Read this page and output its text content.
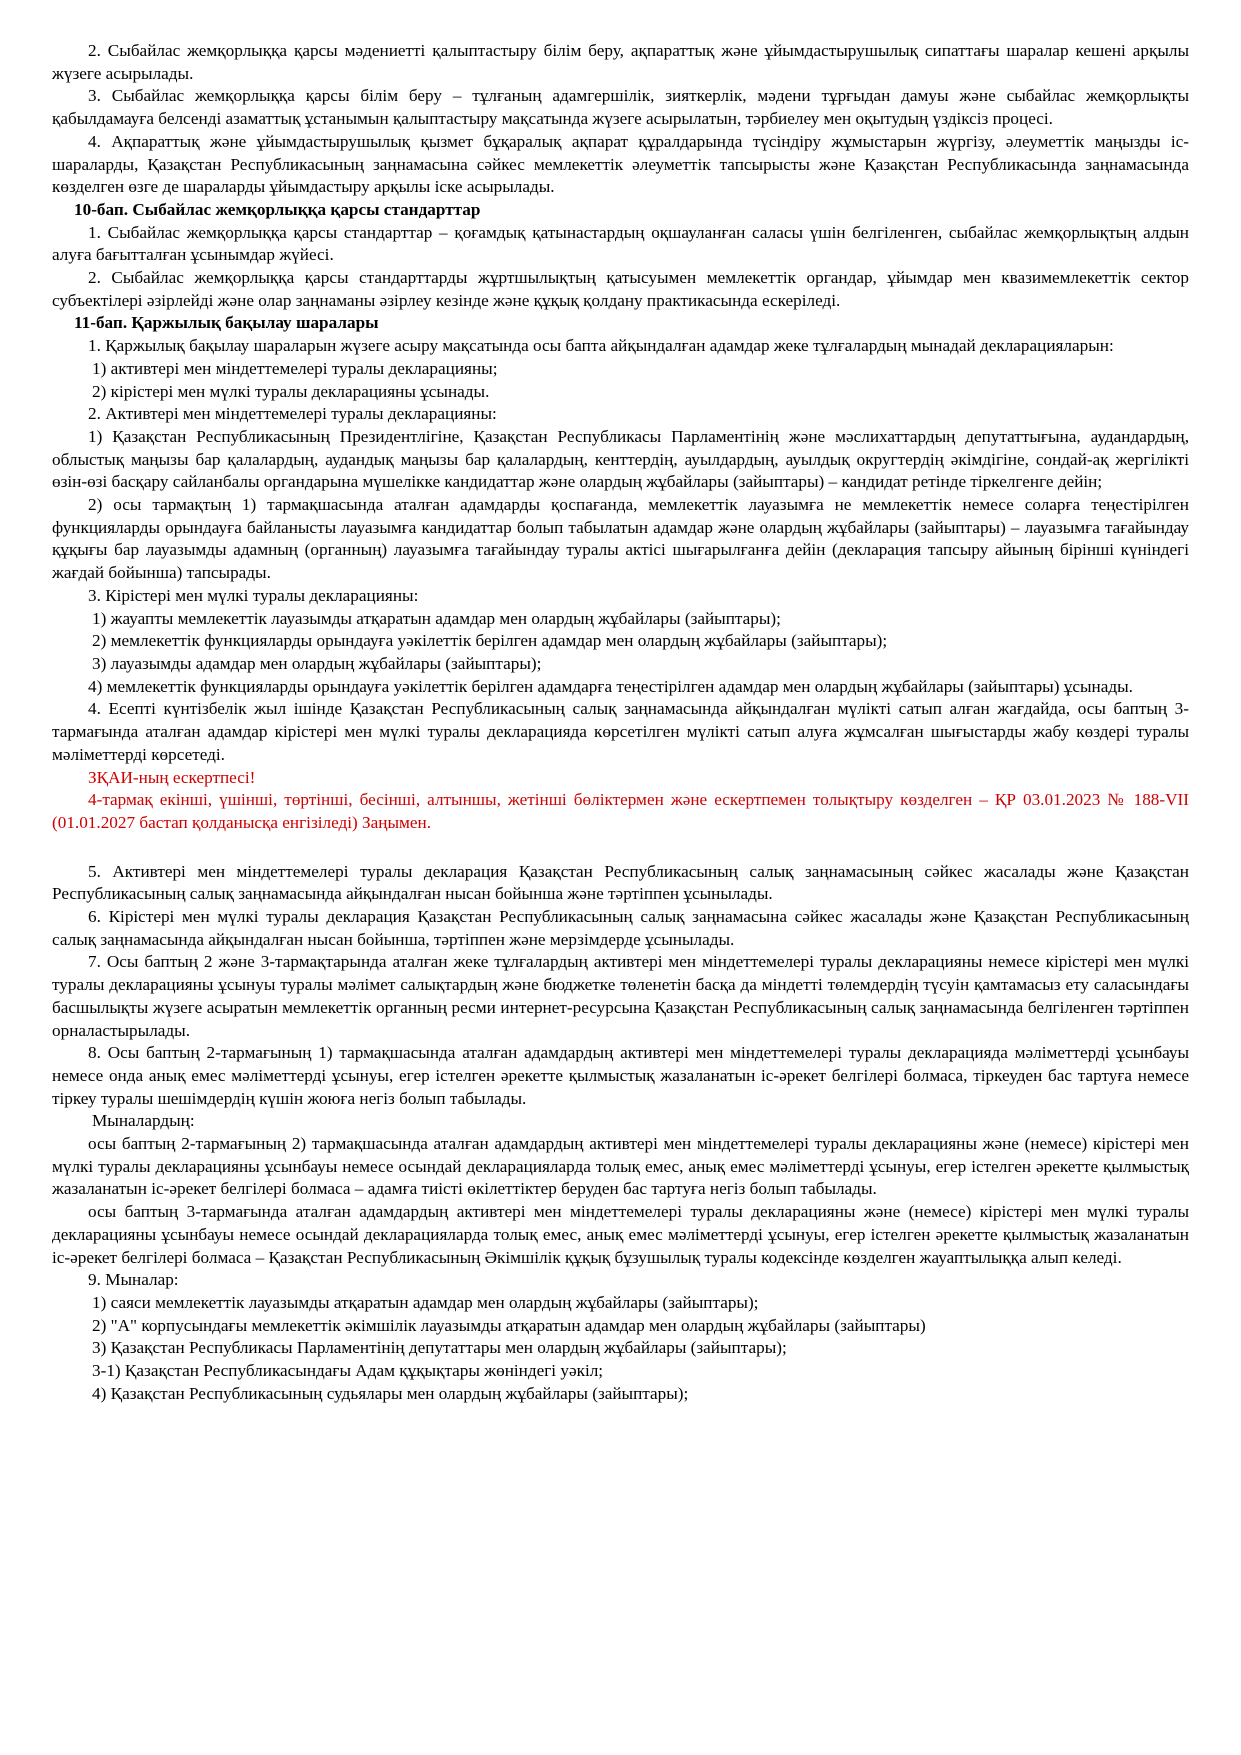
2. Сыбайлас жемқорлыққа қарсы мәдениетті қалыптастыру білім беру, ақпараттық және ұйымдастырушылық сипаттағы шаралар кешені арқылы жүзеге асырылады.

3. Сыбайлас жемқорлыққа қарсы білім беру – тұлғаның адамгершілік, зияткерлік, мәдени тұрғыдан дамуы және сыбайлас жемқорлықты қабылдамауға белсенді азаматтық ұстанымын қалыптастыру мақсатында жүзеге асырылатын, тәрбиелеу мен оқытудың үздіксіз процесі.

4. Ақпараттық және ұйымдастырушылық қызмет бұқаралық ақпарат құралдарында түсіндіру жұмыстарын жүргізу, әлеуметтік маңызды іс-шараларды, Қазақстан Республикасының заңнамасына сәйкес мемлекеттік әлеуметтік тапсырысты және Қазақстан Республикасында заңнамасында көзделген өзге де шараларды ұйымдастыру арқылы іске асырылады.

10-бап. Сыбайлас жемқорлыққа қарсы стандарттар

1. Сыбайлас жемқорлыққа қарсы стандарттар – қоғамдық қатынастардың оқшауланған саласы үшін белгіленген, сыбайлас жемқорлықтың алдын алуға бағытталған ұсынымдар жүйесі.

2. Сыбайлас жемқорлыққа қарсы стандарттарды жұртшылықтың қатысуымен мемлекеттік органдар, ұйымдар мен квазимемлекеттік сектор субъектілері әзірлейді және олар заңнаманы әзірлеу кезінде және құқық қолдану практикасында ескеріледі.

11-бап. Қаржылық бақылау шаралары

1. Қаржылық бақылау шараларын жүзеге асыру мақсатында осы бапта айқындалған адамдар жеке тұлғалардың мынадай декларацияларын:

1) активтері мен міндеттемелері туралы декларацияны;

2) кірістері мен мүлкі туралы декларацияны ұсынады.

2. Активтері мен міндеттемелері туралы декларацияны:

1) Қазақстан Республикасының Президентлігіне, Қазақстан Республикасы Парламентінің және мәслихаттардың депутаттығына, аудандардың, облыстық маңызы бар қалалардың, аудандық маңызы бар қалалардың, кенттердің, ауылдардың, ауылдық округтердің әкімдігіне, сондай-ақ жергілікті өзін-өзі басқару сайланбалы органдарына мүшелікке кандидаттар және олардың жұбайлары (зайыптары) – кандидат ретінде тіркелгенге дейін;

2) осы тармақтың 1) тармақшасында аталған адамдарды қоспағанда, мемлекеттік лауазымға не мемлекеттік немесе соларға теңестірілген функцияларды орындауға байланысты лауазымға кандидаттар болып табылатын адамдар және олардың жұбайлары (зайыптары) – лауазымға тағайындау құқығы бар лауазымды адамның (органның) лауазымға тағайындау туралы актісі шығарылғанға дейін (декларация тапсыру айының бірінші күніндегі жағдай бойынша) тапсырады.

3. Кірістері мен мүлкі туралы декларацияны:

1) жауапты мемлекеттік лауазымды атқаратын адамдар мен олардың жұбайлары (зайыптары);

2) мемлекеттік функцияларды орындауға уәкілеттік берілген адамдар мен олардың жұбайлары (зайыптары);

3) лауазымды адамдар мен олардың жұбайлары (зайыптары);

4) мемлекеттік функцияларды орындауға уәкілеттік берілген адамдарға теңестірілген адамдар мен олардың жұбайлары (зайыптары) ұсынады.

4. Есепті күнтізбелік жыл ішінде Қазақстан Республикасының салық заңнамасында айқындалған мүлікті сатып алған жағдайда, осы баптың 3-тармағында аталған адамдар кірістері мен мүлкі туралы декларацияда көрсетілген мүлікті сатып алуға жұмсалған шығыстарды жабу көздері туралы мәліметтерді көрсетеді.

ЗҚАИ-ның ескертпесі!

4-тармақ екінші, үшінші, төртінші, бесінші, алтыншы, жетінші бөліктермен және ескертпемен толықтыру көзделген – ҚР 03.01.2023 № 188-VII (01.01.2027 бастап қолданысқа енгізіледі) Заңымен.

5. Активтері мен міндеттемелері туралы декларация Қазақстан Республикасының салық заңнамасының сәйкес жасалады және Қазақстан Республикасының салық заңнамасында айқындалған нысан бойынша және тәртіппен ұсынылады.

6. Кірістері мен мүлкі туралы декларация Қазақстан Республикасының салық заңнамасына сәйкес жасалады және Қазақстан Республикасының салық заңнамасында айқындалған нысан бойынша, тәртіппен және мерзімдерде ұсынылады.

7. Осы баптың 2 және 3-тармақтарында аталған жеке тұлғалардың активтері мен міндеттемелері туралы декларацияны немесе кірістері мен мүлкі туралы декларацияны ұсынуы туралы мәлімет салықтардың және бюджетке төленетін басқа да міндетті төлемдердің түсуін қамтамасыз ету саласындағы басшылықты жүзеге асыратын мемлекеттік органның ресми интернет-ресурсына Қазақстан Республикасының салық заңнамасында белгіленген тәртіппен орналастырылады.

8. Осы баптың 2-тармағының 1) тармақшасында аталған адамдардың активтері мен міндеттемелері туралы декларацияда мәліметтерді ұсынбауы немесе онда анық емес мәліметтерді ұсынуы, егер істелген әрекетте қылмыстық жазаланатын іс-әрекет белгілері болмаса, тіркеуден бас тартуға немесе тіркеу туралы шешімдердің күшін жоюға негіз болып табылады.

Мыналардың:

осы баптың 2-тармағының 2) тармақшасында аталған адамдардың активтері мен міндеттемелері туралы декларацияны және (немесе) кірістері мен мүлкі туралы декларацияны ұсынбауы немесе осындай декларацияларда толық емес, анық емес мәліметтерді ұсынуы, егер істелген әрекетте қылмыстық жазаланатын іс-әрекет белгілері болмаса – адамға тиісті өкілеттіктер беруден бас тартуға негіз болып табылады.

осы баптың 3-тармағында аталған адамдардың активтері мен міндеттемелері туралы декларацияны және (немесе) кірістері мен мүлкі туралы декларацияны ұсынбауы немесе осындай декларацияларда толық емес, анық емес мәліметтерді ұсынуы, егер істелген әрекетте қылмыстық жазаланатын іс-әрекет белгілері болмаса – Қазақстан Республикасының Әкімшілік құқық бұзушылық туралы кодексінде көзделген жауаптылыққа алып келеді.

9. Мыналар:

1) саяси мемлекеттік лауазымды атқаратын адамдар мен олардың жұбайлары (зайыптары);

2) "А" корпусындағы мемлекеттік әкімшілік лауазымды атқаратын адамдар мен олардың жұбайлары (зайыптары)

3) Қазақстан Республикасы Парламентінің депутаттары мен олардың жұбайлары (зайыптары);

3-1) Қазақстан Республикасындағы Адам құқықтары жөніндегі уәкіл;

4) Қазақстан Республикасының судьялары мен олардың жұбайлары (зайыптары);
